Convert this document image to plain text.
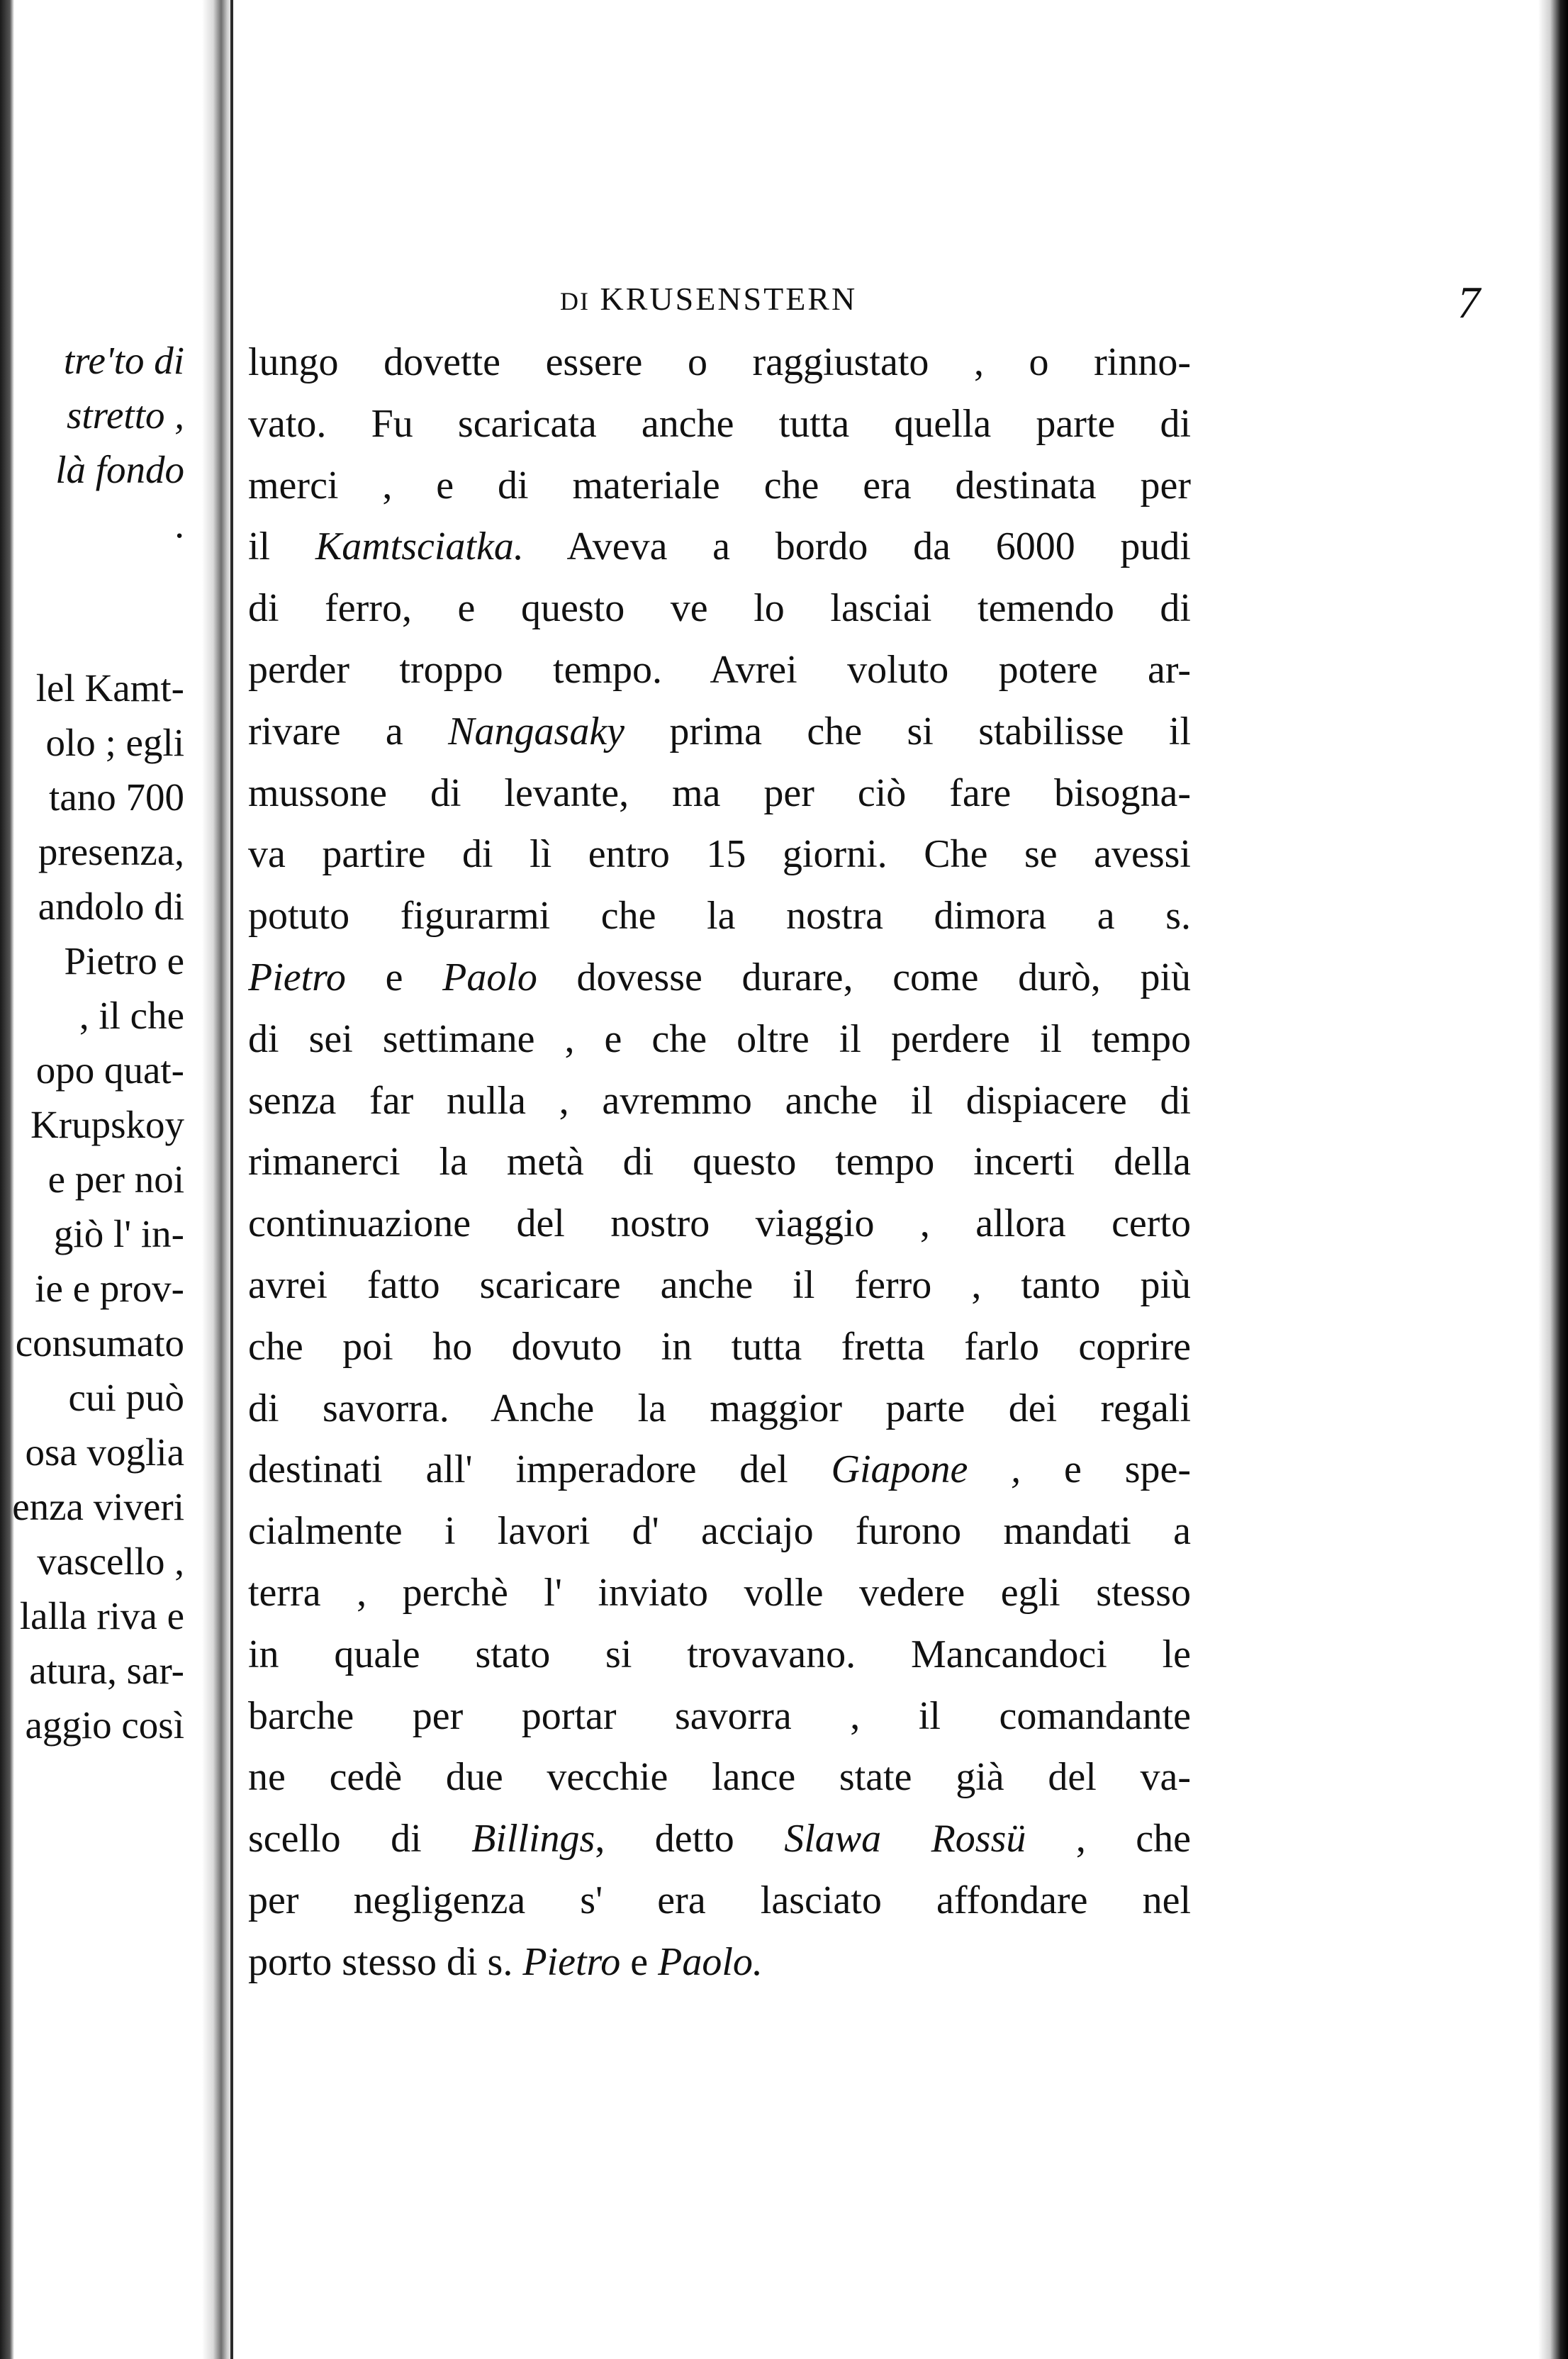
tre'to di
stretto ,
là fondo
.
lel Kamt-
olo ; egli
tano 700
presenza,
andolo di
Pietro e
, il che
opo quat-
Krupskoy
e per noi
giò l' in-
ie e prov-
consumato
cui può
osa voglia
enza viveri
vascello ,
lalla riva e
atura, sar-
aggio così
DI KRUSENSTERN	7
lungo dovette essere o raggiustato , o rinno-
vato. Fu scaricata anche tutta quella parte di
merci , e di materiale che era destinata per
il Kamtsciatka. Aveva a bordo da 6000 pudi
di ferro, e questo ve lo lasciai temendo di
perder troppo tempo. Avrei voluto potere ar-
rivare a Nangasaky prima che si stabilisse il
mussone di levante, ma per ciò fare bisogna-
va partire di lì entro 15 giorni. Che se avessi
potuto figurarmi che la nostra dimora a s.
Pietro e Paolo dovesse durare, come durò, più
di sei settimane , e che oltre il perdere il tempo
senza far nulla , avremmo anche il dispiacere di
rimanerci la metà di questo tempo incerti della
continuazione del nostro viaggio , allora certo
avrei fatto scaricare anche il ferro , tanto più
che poi ho dovuto in tutta fretta farlo coprire
di savorra. Anche la maggior parte dei regali
destinati all' imperadore del Giapone , e spe-
cialmente i lavori d' acciajo furono mandati a
terra , perchè l' inviato volle vedere egli stesso
in quale stato si trovavano. Mancandoci le
barche per portar savorra , il comandante
ne cedè due vecchie lance state già del va-
scello di Billings, detto Slawa Rossü , che
per negligenza s' era lasciato affondare nel
porto stesso di s. Pietro e Paolo.
